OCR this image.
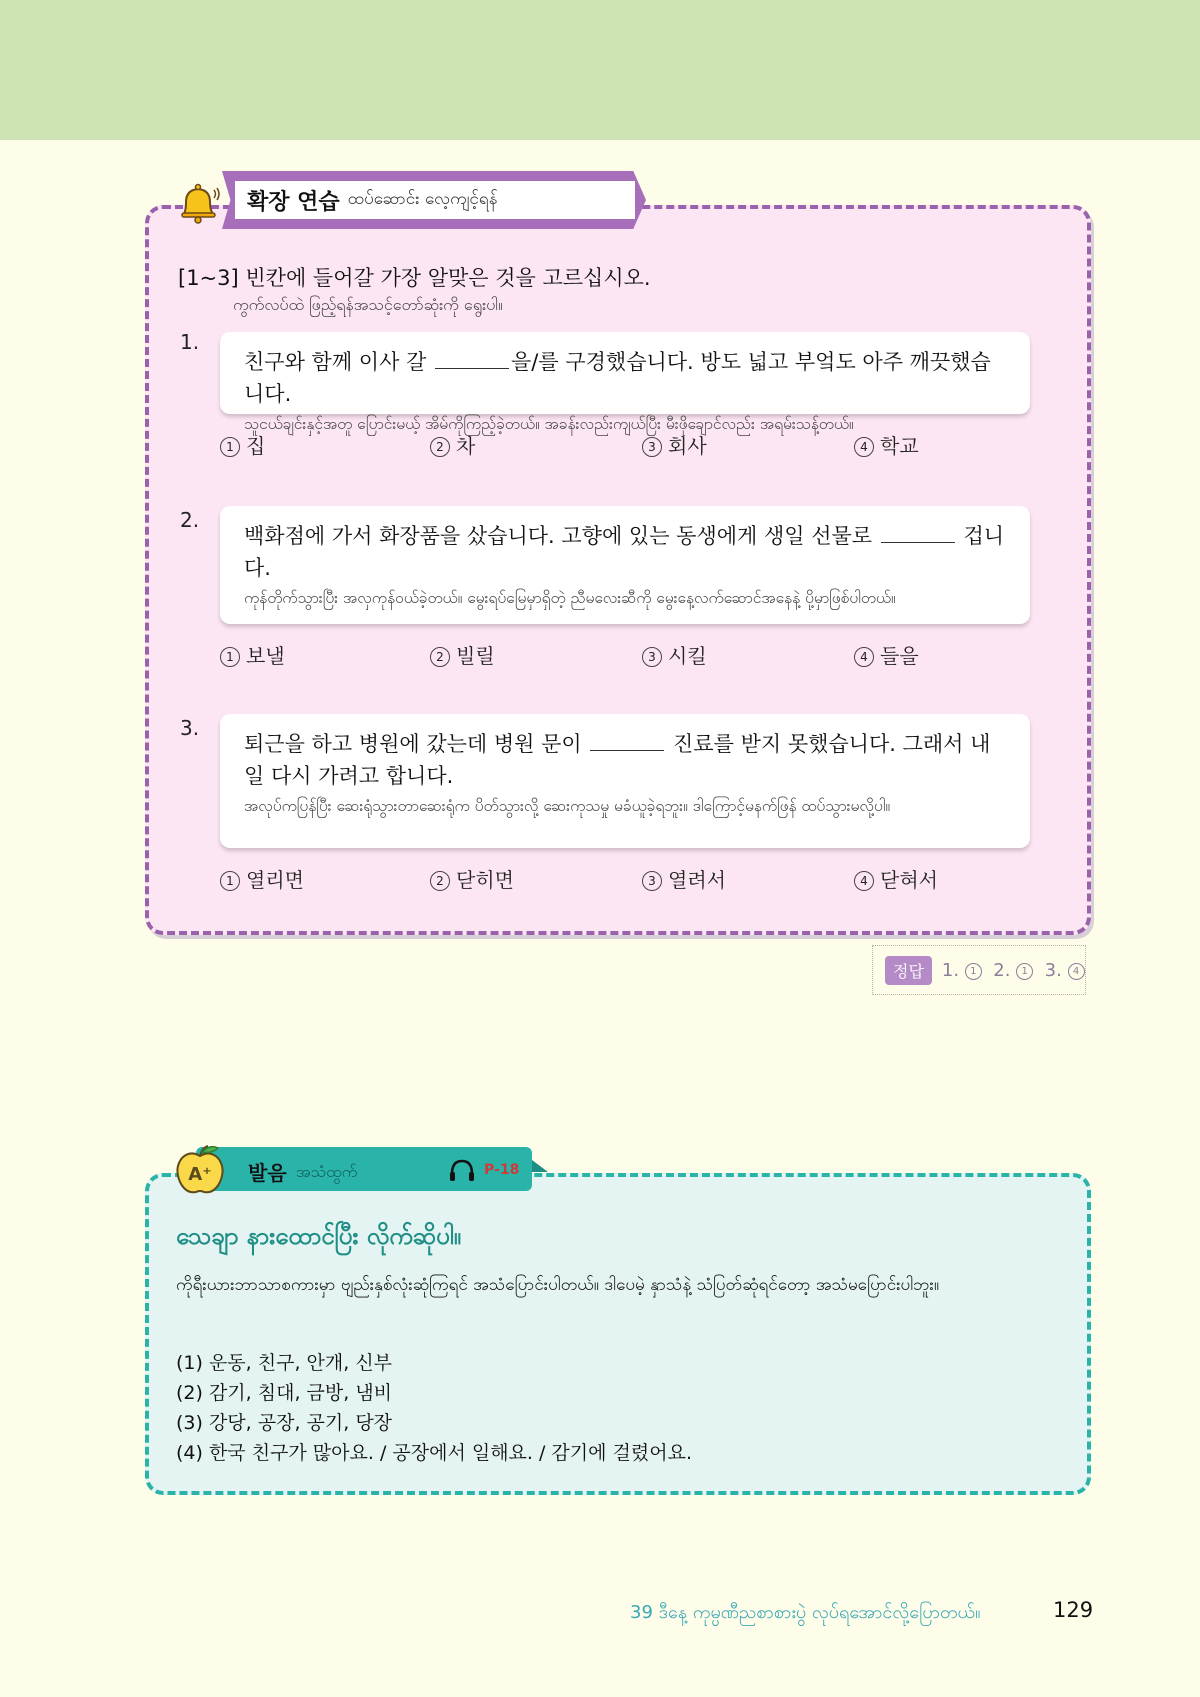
확장 연습 ထပ်ဆောင်း လေ့ကျင့်ရန်
[1~3] 빈칸에 들어갈 가장 알맞은 것을 고르십시오.
ကွက်လပ်ထဲ ဖြည့်ရန်အသင့်တော်ဆုံးကို ရွေးပါ။
1.
친구와 함께 이사 갈	을/를 구경했습니다. 방도 넓고 부엌도 아주 깨끗했습니다.
သူငယ်ချင်းနှင့်အတူ ပြောင်းမယ့် အိမ်ကိုကြည့်ခဲ့တယ်။ အခန်းလည်းကျယ်ပြီး မီးဖိုချောင်လည်း အရမ်းသန့်တယ်။
1 집	2 차	3 회사	4 학교
2.
백화점에 가서 화장품을 샀습니다. 고향에 있는 동생에게 생일 선물로	겁니다.
ကုန်တိုက်သွားပြီး အလှကုန်ဝယ်ခဲ့တယ်။ မွေးရပ်မြေမှာရှိတဲ့ ညီမလေးဆီကို မွေးနေ့လက်ဆောင်အနေနဲ့ ပို့မှာဖြစ်ပါတယ်။
1 보낼	2 빌릴	3 시킬	4 들을
3.
퇴근을 하고 병원에 갔는데 병원 문이	진료를 받지 못했습니다. 그래서 내일 다시 가려고 합니다.
အလုပ်ကပြန်ပြီး ဆေးရုံသွားတာဆေးရုံက ပိတ်သွားလို့ ဆေးကုသမှု မခံယူခဲ့ရဘူး။ ဒါကြောင့်မနက်ဖြန် ထပ်သွားမလို့ပါ။
1 열리면	2 닫히면	3 열려서	4 닫혀서
정답	1. 1 2. 1 3. 4
A⁺ 발음 အသံထွက်	P-18
သေချာ နားထောင်ပြီး လိုက်ဆိုပါ။
ကိုရီးယားဘာသာစကားမှာ ဗျည်းနှစ်လုံးဆုံကြရင် အသံပြောင်းပါတယ်။ ဒါပေမဲ့ နှာသံနဲ့ သံပြတ်ဆုံရင်တော့ အသံမပြောင်းပါဘူး။
(1) 운동, 친구, 안개, 신부
(2) 감기, 침대, 금방, 냄비
(3) 강당, 공장, 공기, 당장
(4) 한국 친구가 많아요. / 공장에서 일해요. / 감기에 걸렸어요.
39 ဒီနေ့ ကုမ္ပဏီညစာစားပွဲ လုပ်ရအောင်လို့ပြောတယ်။	129
